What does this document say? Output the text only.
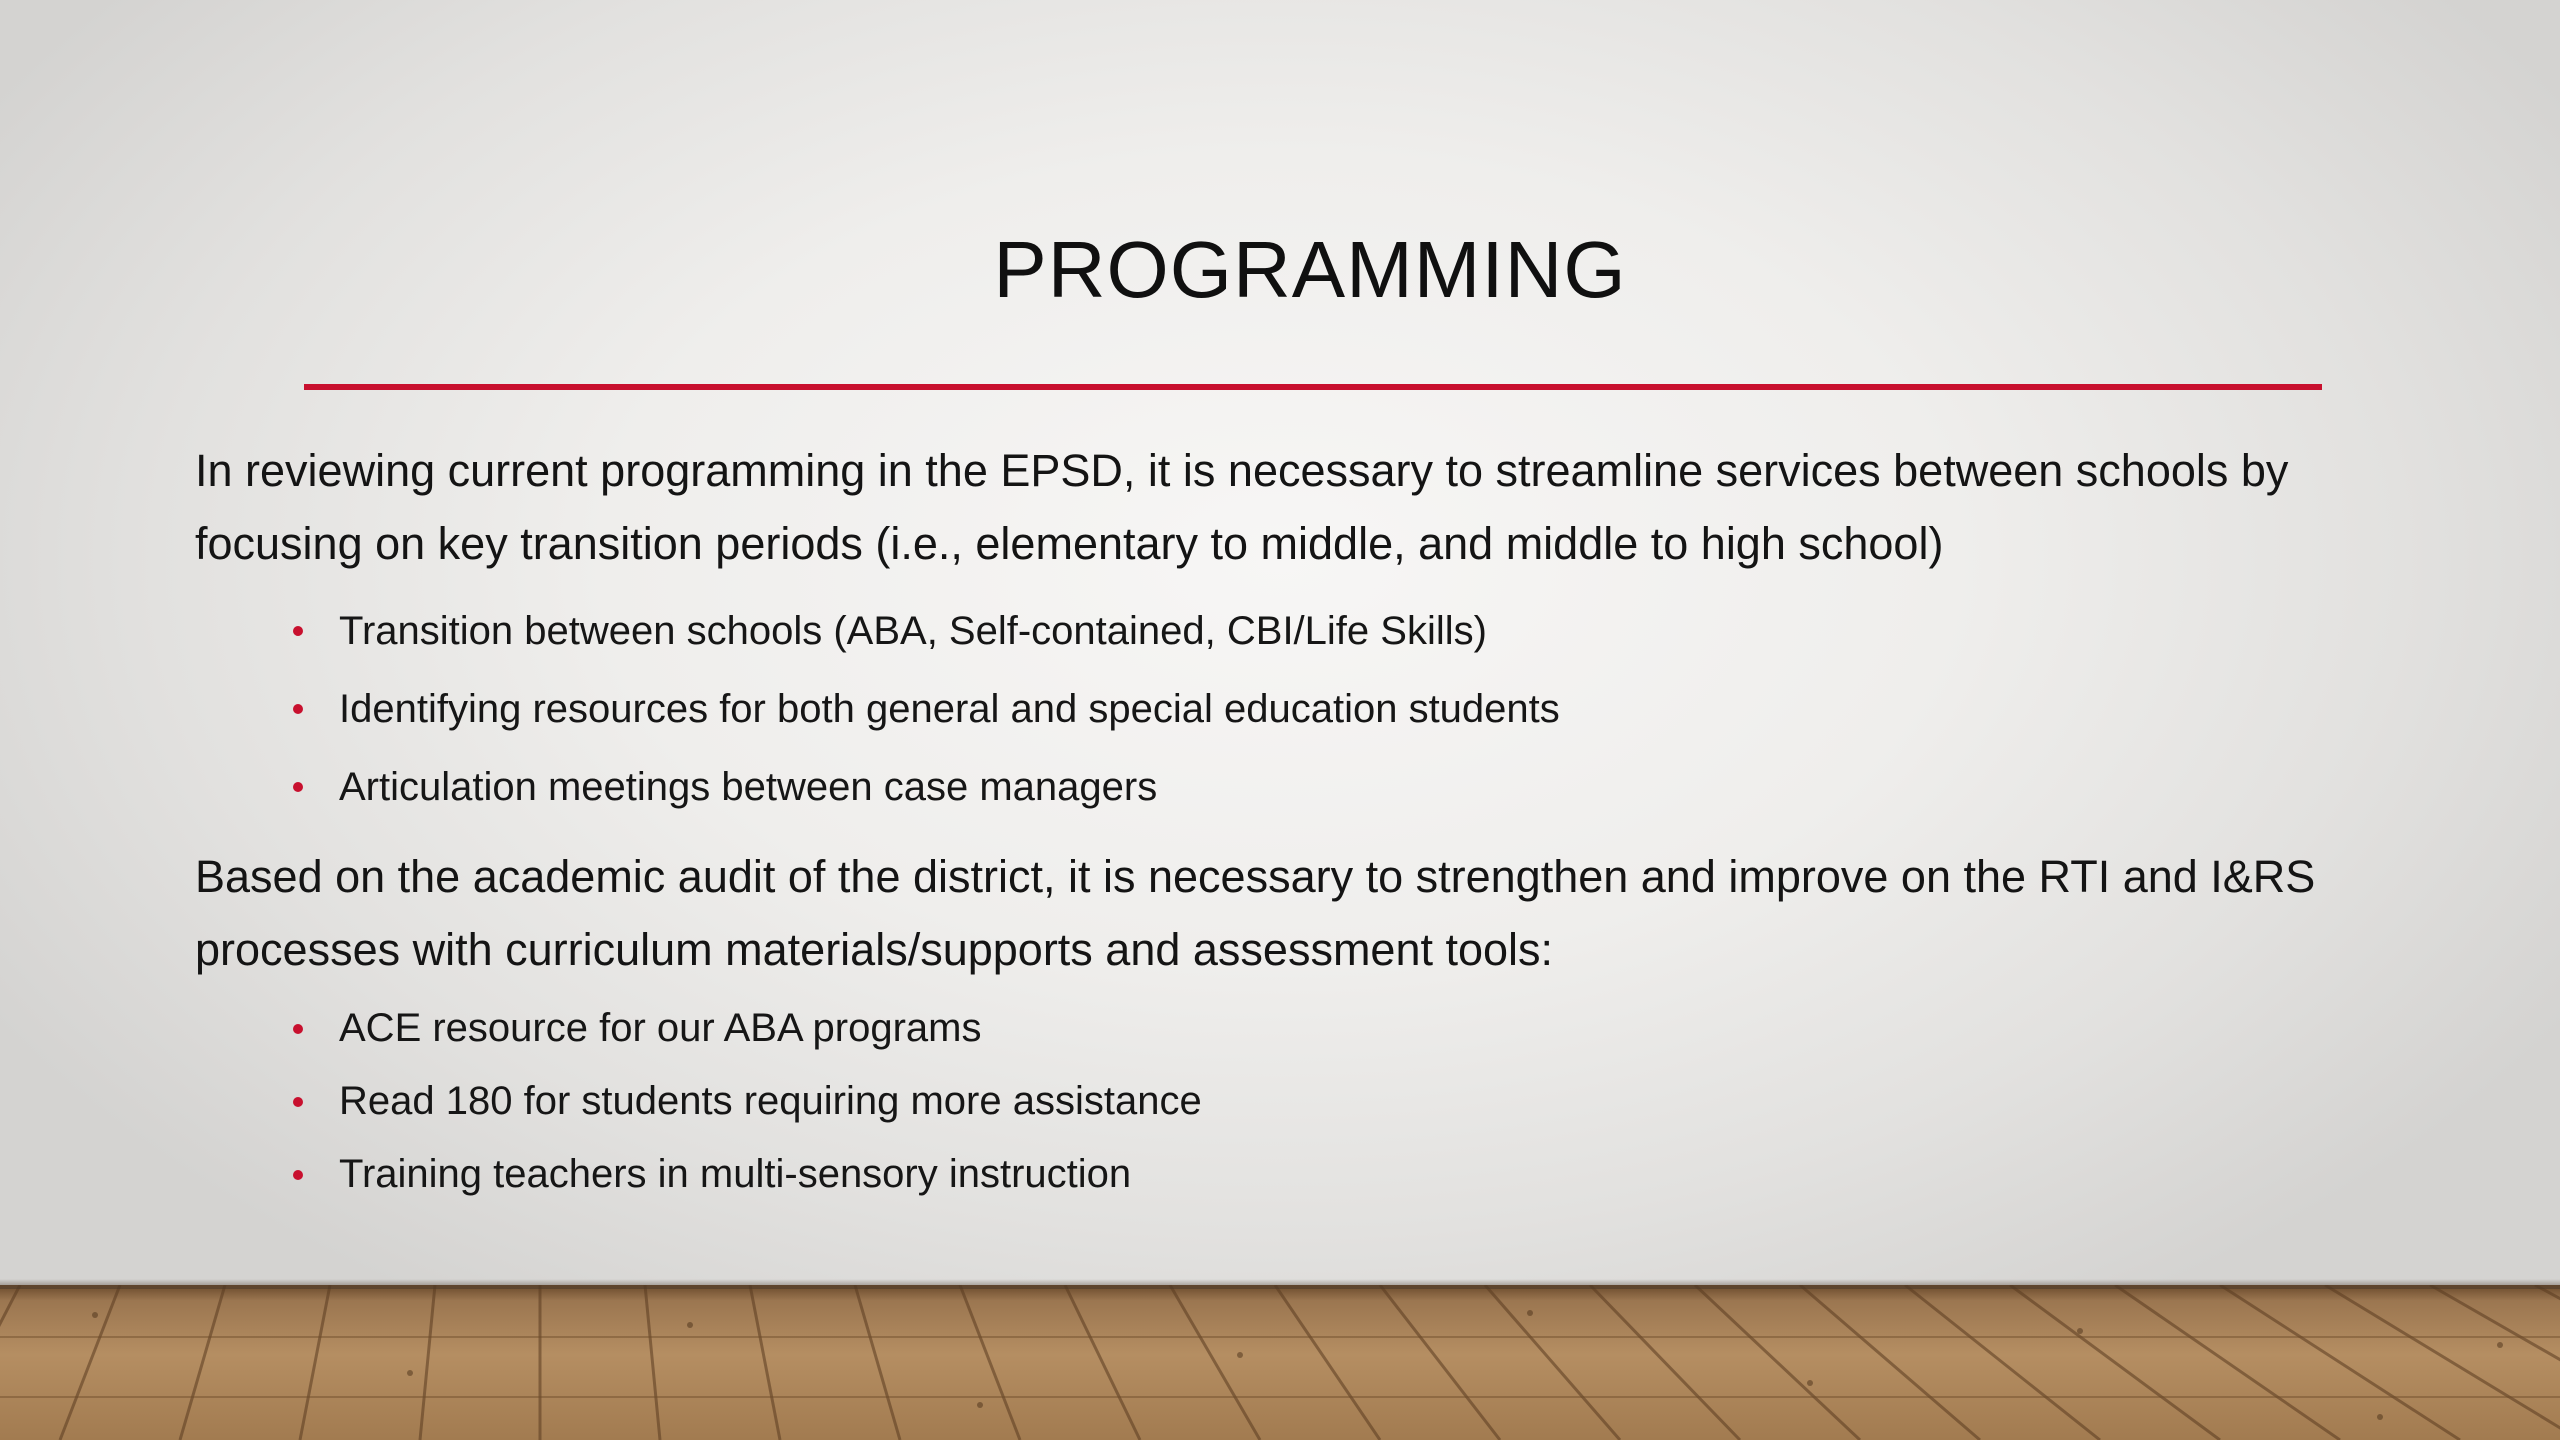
PROGRAMMING

In reviewing current programming in the EPSD, it is necessary to streamline services between schools by focusing on key transition periods (i.e., elementary to middle, and middle to high school)

Transition between schools (ABA, Self-contained, CBI/Life Skills)
Identifying resources for both general and special education students
Articulation meetings between case managers

Based on the academic audit of the district, it is necessary to strengthen and improve on the RTI and I&RS processes with curriculum materials/supports and assessment tools:

ACE resource for our ABA programs
Read 180 for students requiring more assistance
Training teachers in multi-sensory instruction
